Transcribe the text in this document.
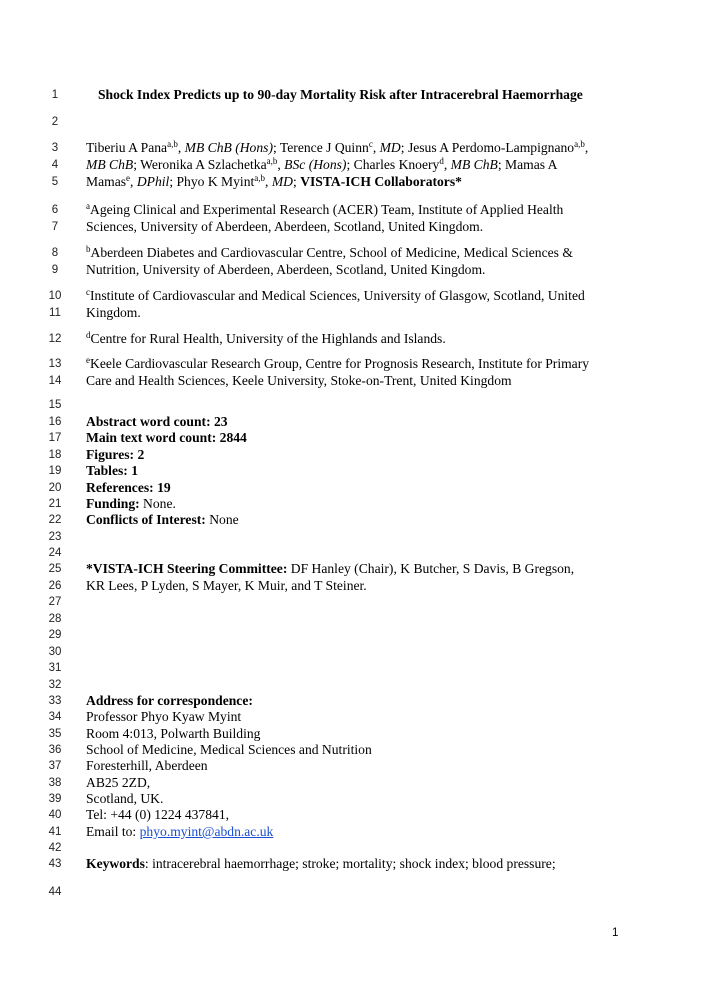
1
1	Shock Index Predicts up to 90-day Mortality Risk after Intracerebral Haemorrhage
2
3	Tiberiu A Pana$^{a,b}$, MB ChB (Hons); Terence J Quinn$^c$, MD; Jesus A Perdomo-Lampignano$^{a,b}$,
4	MB ChB; Weronika A Szlachetka$^{a,b}$, BSc (Hons); Charles Knoery$^d$, MB ChB; Mamas A
5	Mamas$^e$, DPhil; Phyo K Myint$^{a,b}$, MD; VISTA-ICH Collaborators*
6	$^a$Ageing Clinical and Experimental Research (ACER) Team, Institute of Applied Health
7	Sciences, University of Aberdeen, Aberdeen, Scotland, United Kingdom.
8	$^b$Aberdeen Diabetes and Cardiovascular Centre, School of Medicine, Medical Sciences &
9	Nutrition, University of Aberdeen, Aberdeen, Scotland, United Kingdom.
10	$^c$Institute of Cardiovascular and Medical Sciences, University of Glasgow, Scotland, United
11	Kingdom.
12	$^d$Centre for Rural Health, University of the Highlands and Islands.
13	$^e$Keele Cardiovascular Research Group, Centre for Prognosis Research, Institute for Primary
14	Care and Health Sciences, Keele University, Stoke-on-Trent, United Kingdom
15
16	Abstract word count: 23
17	Main text word count: 2844
18	Figures: 2
19	Tables: 1
20	References: 19
21	Funding: None.
22	Conflicts of Interest: None
23
24
25	*VISTA-ICH Steering Committee: DF Hanley (Chair), K Butcher, S Davis, B Gregson,
26	KR Lees, P Lyden, S Mayer, K Muir, and T Steiner.
27
28
29
30
31
32
33	Address for correspondence:
34	Professor Phyo Kyaw Myint
35	Room 4:013, Polwarth Building
36	School of Medicine, Medical Sciences and Nutrition
37	Foresterhill, Aberdeen
38	AB25 2ZD,
39	Scotland, UK.
40	Tel: +44 (0) 1224 437841,
41	Email to: phyo.myint@abdn.ac.uk
42
43	Keywords: intracerebral haemorrhage; stroke; mortality; shock index; blood pressure;
44
